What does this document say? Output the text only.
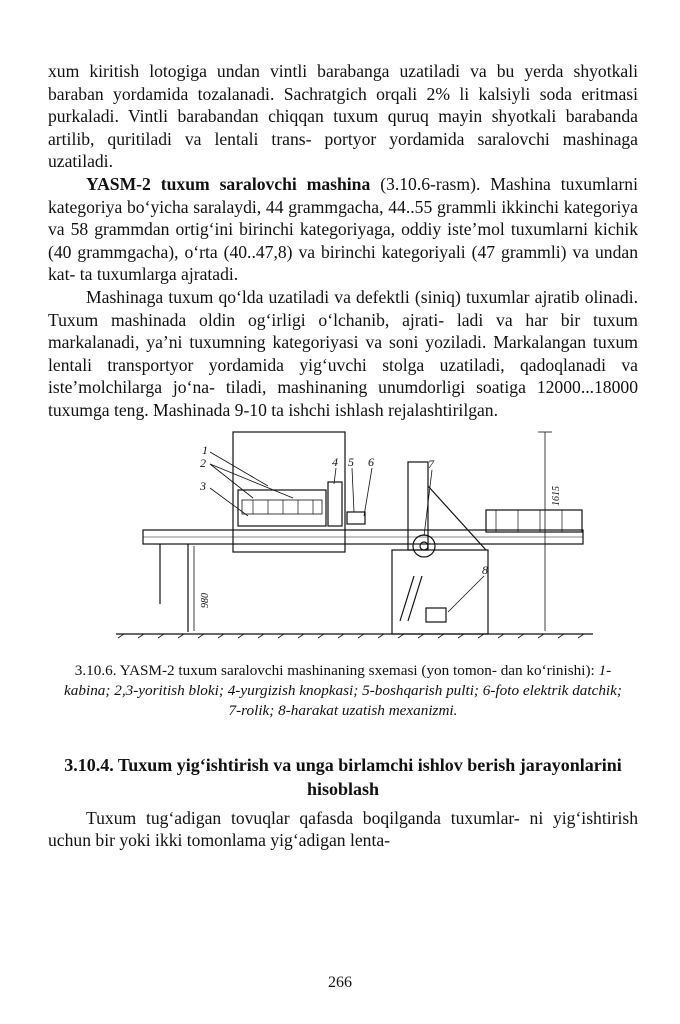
xum kiritish lotogiga undan vintli barabanga uzatiladi va bu yerda shyotkali baraban yordamida tozalanadi. Sachratgich orqali 2% li kalsiyli soda eritmasi purkaladi. Vintli barabandan chiqqan tuxum quruq mayin shyotkali barabanda artilib, quritiladi va lentali trans- portyor yordamida saralovchi mashinaga uzatiladi.

YASM-2 tuxum saralovchi mashina (3.10.6-rasm). Mashina tuxumlarni kategoriya bo‘yicha saralaydi, 44 grammgacha, 44..55 grammli ikkinchi kategoriya va 58 grammdan ortig‘ini birinchi kategoriyaga, oddiy iste’mol tuxumlarni kichik (40 grammgacha), o‘rta (40..47,8) va birinchi kategoriyali (47 grammli) va undan kat- ta tuxumlarga ajratadi.

Mashinaga tuxum qo‘lda uzatiladi va defektli (siniq) tuxumlar ajratib olinadi. Tuxum mashinada oldin og‘irligi o‘lchanib, ajrati- ladi va har bir tuxum markalanadi, ya’ni tuxumning kategoriyasi va soni yoziladi. Markalangan tuxum lentali transportyor yordamida yig‘uvchi stolga uzatiladi, qadoqlanadi va iste’molchilarga jo‘na- tiladi, mashinaning unumdorligi soatiga 12000...18000 tuxumga teng. Mashinada 9-10 ta ishchi ishlash rejalashtirilgan.

1
2
3
4 5 6	7
8
1615
980

3.10.6. YASM-2 tuxum saralovchi mashinaning sxemasi (yon tomon- dan ko‘rinishi): 1-kabina; 2,3-yoritish bloki; 4-yurgizish knopkasi; 5-boshqarish pulti; 6-foto elektrik datchik; 7-rolik; 8-harakat uzatish mexanizmi.

3.10.4. Tuxum yig‘ishtirish va unga birlamchi ishlov berish jarayonlarini hisoblash

Tuxum tug‘adigan tovuqlar qafasda boqilganda tuxumlar- ni yig‘ishtirish uchun bir yoki ikki tomonlama yig‘adigan lenta-

266
